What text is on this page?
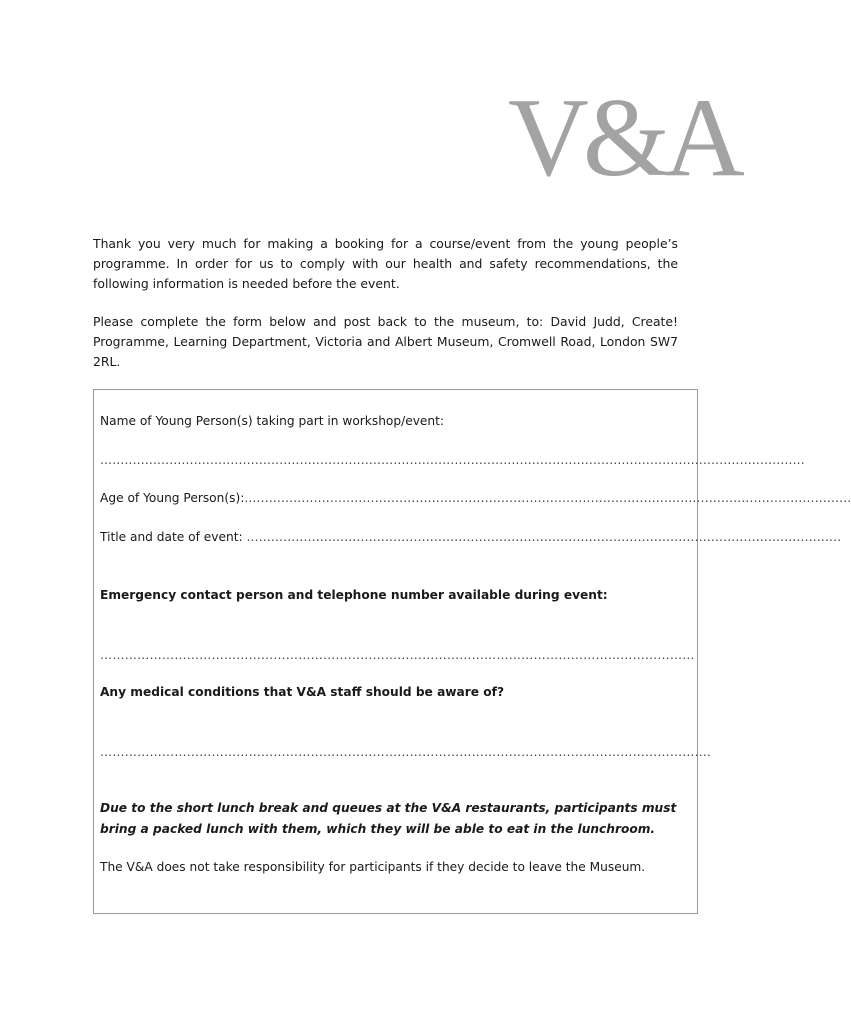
V&A

Thank you very much for making a booking for a course/event from the young people’s programme. In order for us to comply with our health and safety recommendations, the following information is needed before the event.

Please complete the form below and post back to the museum, to: David Judd, Create! Programme, Learning Department, Victoria and Albert Museum, Cromwell Road, London SW7 2RL.

Name of Young Person(s) taking part in workshop/event:

.............................................................................................................................................................................

Age of Young Person(s):.....................................................................................................................................................

Title and date of event: ..................................................................................................................................................

Emergency contact person and telephone number available during event:

………………………………………………………………………………………………………………………………

Any medical conditions that V&A staff should be aware of?

………………………………………………………………………………………………………………………………….

Due to the short lunch break and queues at the V&A restaurants, participants must bring a packed lunch with them, which they will be able to eat in the lunchroom.

The V&A does not take responsibility for participants if they decide to leave the Museum.
